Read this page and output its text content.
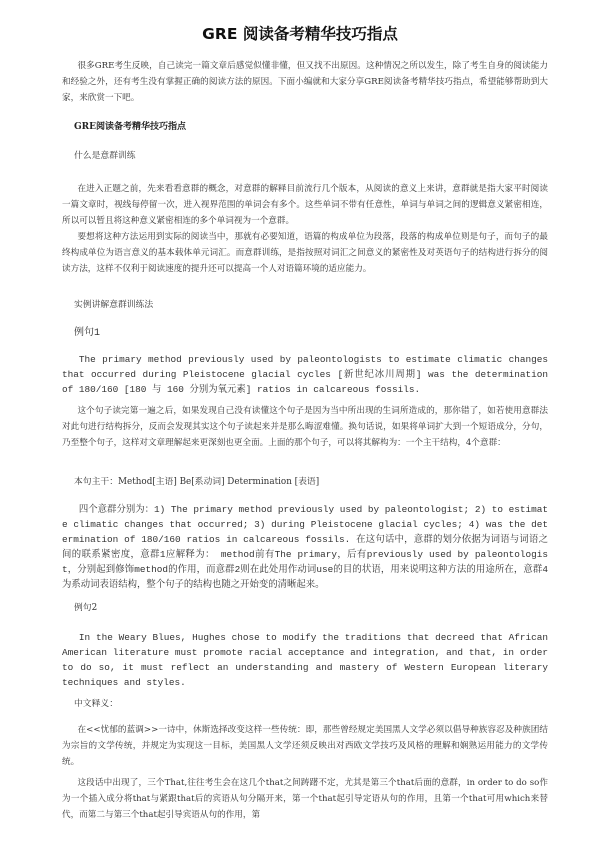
GRE 阅读备考精华技巧指点

很多GRE考生反映，自己读完一篇文章后感觉似懂非懂，但又找不出原因。这种情况之所以发生，除了考生自身的阅读能力和经验之外，还有考生没有掌握正确的阅读方法的原因。下面小编就和大家分享GRE阅读备考精华技巧指点，希望能够帮助到大家，来欣赏一下吧。

GRE阅读备考精华技巧指点
什么是意群训练

在进入正题之前，先来看看意群的概念，对意群的解释目前流行几个版本，从阅读的意义上来讲，意群就是指大家平时阅读一篇文章时，视线每停留一次，进入视界范围的单词会有多个。这些单词不带有任意性，单词与单词之间的逻辑意义紧密相连，所以可以暂且将这种意义紧密相连的多个单词视为一个意群。

要想将这种方法运用到实际的阅读当中，那就有必要知道，语篇的构成单位为段落，段落的构成单位则是句子，而句子的最终构成单位为语言意义的基本载体单元词汇。而意群训练，是指按照对词汇之间意义的紧密性及对英语句子的结构进行拆分的阅读方法，这样不仅利于阅读速度的提升还可以提高一个人对语篇环境的适应能力。

实例讲解意群训练法
例句1

The primary method previously used by paleontologists to estimate climatic changes that occurred during Pleistocene glacial cycles [新世纪冰川周期] was the determination of 180/160 [180 与 160 分别为氧元素] ratios in calcareous fossils.

这个句子读完第一遍之后，如果发现自己没有读懂这个句子是因为当中所出现的生词所造成的，那你错了，如若使用意群法对此句进行结构拆分，反而会发现其实这个句子读起来并是那么晦涩难懂。换句话说，如果将单词扩大到一个短语成分，分句，乃至整个句子，这样对文章理解起来更深刻也更全面。上面的那个句子，可以将其解构为：一个主干结构，4个意群：

本句主干：Method[主语] Be[系动词] Determination [表语]

四个意群分别为：1) The primary method previously used by paleontologist; 2) to estimate climatic changes that occurred; 3) during Pleistocene glacial cycles; 4) was the determination of 180/160 ratios in calcareous fossils. 在这句话中，意群的划分依据为词语与词语之间的联系紧密度，意群1应解释为： method前有The primary，后有previously used by paleontologist，分别起到修饰method的作用，而意群2则在此处用作动词use的目的状语，用来说明这种方法的用途所在，意群4为系动词表语结构，整个句子的结构也随之开始变的清晰起来。

例句2

In the Weary Blues, Hughes chose to modify the traditions that decreed that African American literature must promote racial acceptance and integration, and that, in order to do so, it must reflect an understanding and mastery of Western European literary techniques and styles.

中文释义：

在<<忧郁的蓝调>>一诗中，休斯选择改变这样一些传统：即，那些曾经规定美国黑人文学必须以倡导种族容忍及种族团结为宗旨的文学传统，并规定为实现这一目标，美国黑人文学还须反映出对西欧文学技巧及风格的理解和娴熟运用能力的文学传统。

这段话中出现了，三个That,往往考生会在这几个that之间踌躇不定，尤其是第三个that后面的意群，in order to do so作为一个插入成分将that与紧跟that后的宾语从句分隔开来，第一个that起引导定语从句的作用，且第一个that可用which来替代，而第二与第三个that起引导宾语从句的作用，第
